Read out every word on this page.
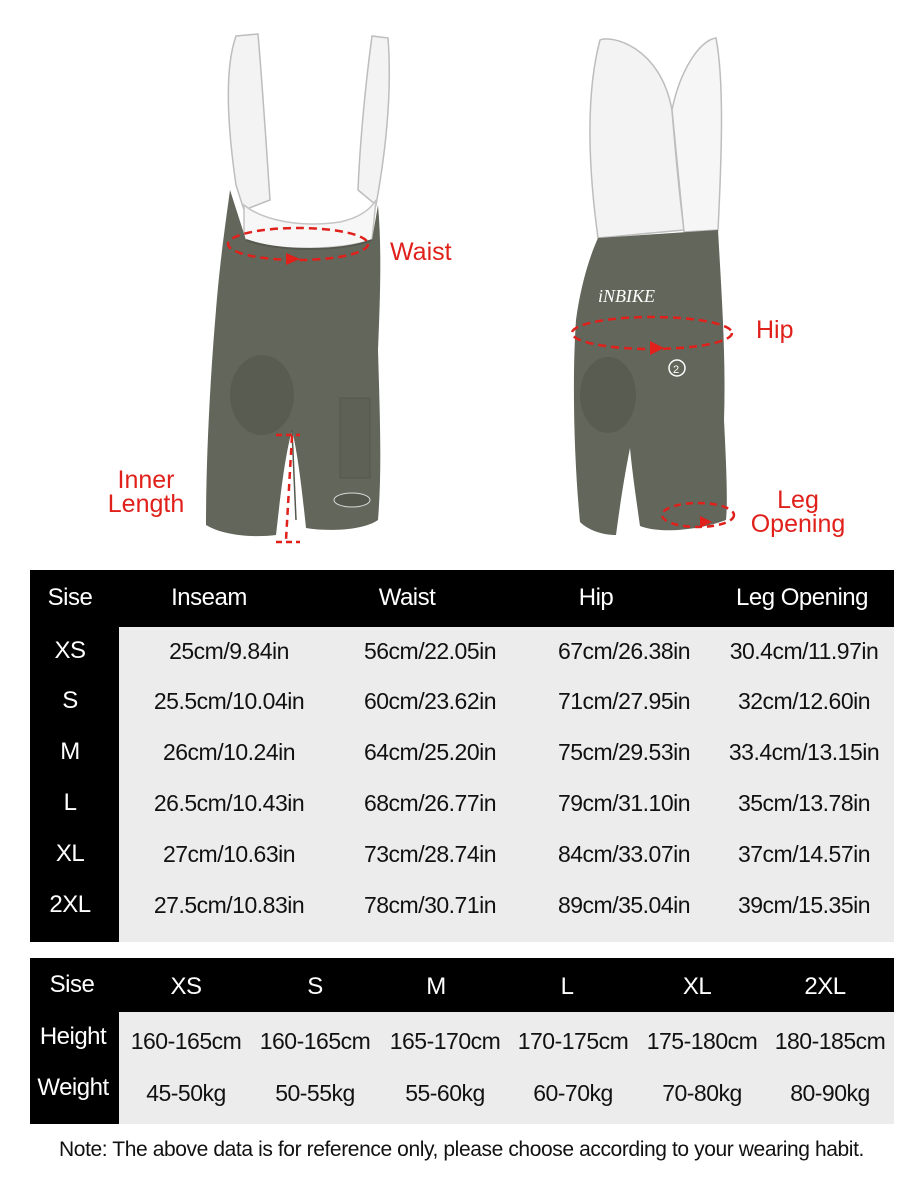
iNBIKE
2
Waist
Hip
Inner
Length	Leg
Opening
Sise	Inseam	Waist	Hip	Leg Opening
XS	25cm/9.84in	56cm/22.05in	67cm/26.38in	30.4cm/11.97in
S	25.5cm/10.04in	60cm/23.62in	71cm/27.95in	32cm/12.60in
M	26cm/10.24in	64cm/25.20in	75cm/29.53in	33.4cm/13.15in
L	26.5cm/10.43in	68cm/26.77in	79cm/31.10in	35cm/13.78in
XL	27cm/10.63in	73cm/28.74in	84cm/33.07in	37cm/14.57in
2XL	27.5cm/10.83in	78cm/30.71in	89cm/35.04in	39cm/15.35in
Sise	XS	S	M	L	XL	2XL
Height	160-165cm 160-165cm 165-170cm 170-175cm 175-180cm 180-185cm
Weight	45-50kg	50-55kg	55-60kg	60-70kg	70-80kg	80-90kg
Note: The above data is for reference only, please choose according to your wearing habit.
